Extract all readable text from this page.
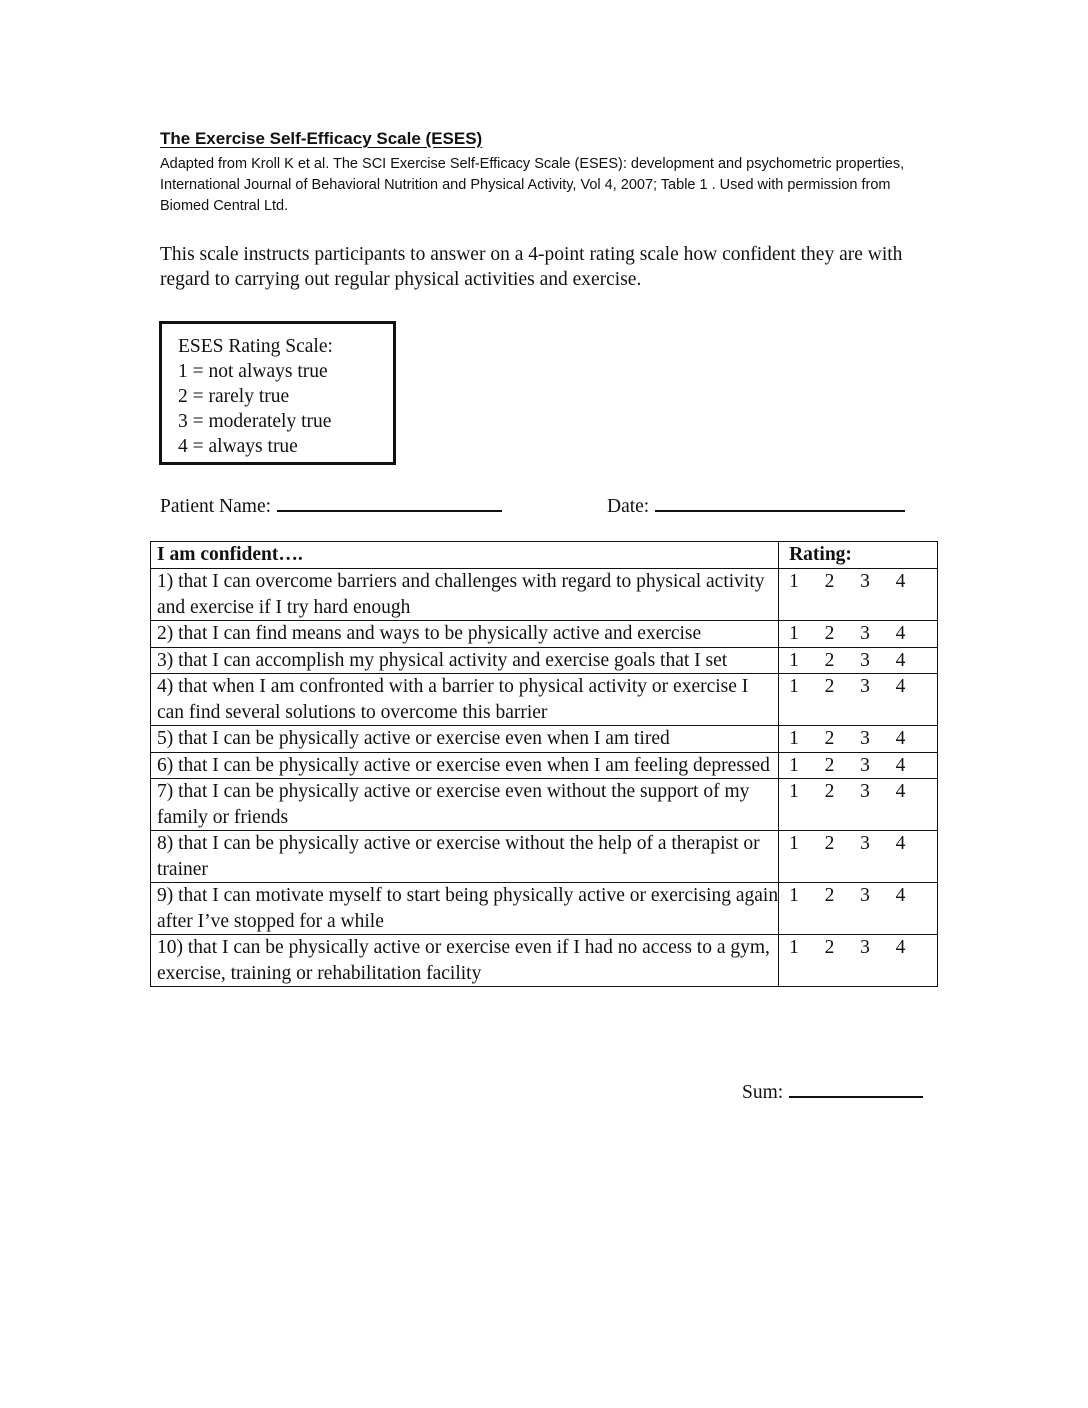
The Exercise Self-Efficacy Scale (ESES)

Adapted from Kroll K et al. The SCI Exercise Self-Efficacy Scale (ESES): development and psychometric properties, International Journal of Behavioral Nutrition and Physical Activity, Vol 4, 2007; Table 1 . Used with permission from Biomed Central Ltd.

This scale instructs participants to answer on a 4-point rating scale how confident they are with regard to carrying out regular physical activities and exercise.

ESES Rating Scale:
1 = not always true
2 = rarely true
3 = moderately true
4 = always true
Patient Name:	Date:
I am confident….	Rating:
1) that I can overcome barriers and challenges with regard to physical activity and exercise if I try hard enough	1 2 3 4

2) that I can find means and ways to be physically active and exercise	1 2 3 4

3) that I can accomplish my physical activity and exercise goals that I set	1 2 3 4

4) that when I am confronted with a barrier to physical activity or exercise I can find several solutions to overcome this barrier	1 2 3 4

5) that I can be physically active or exercise even when I am tired	1 2 3 4

6) that I can be physically active or exercise even when I am feeling depressed	1 2 3 4

7) that I can be physically active or exercise even without the support of my family or friends	1 2 3 4

8) that I can be physically active or exercise without the help of a therapist or trainer	1 2 3 4

9) that I can motivate myself to start being physically active or exercising again after I’ve stopped for a while	1 2 3 4

10) that I can be physically active or exercise even if I had no access to a gym, exercise, training or rehabilitation facility	1 2 3 4
Sum:
